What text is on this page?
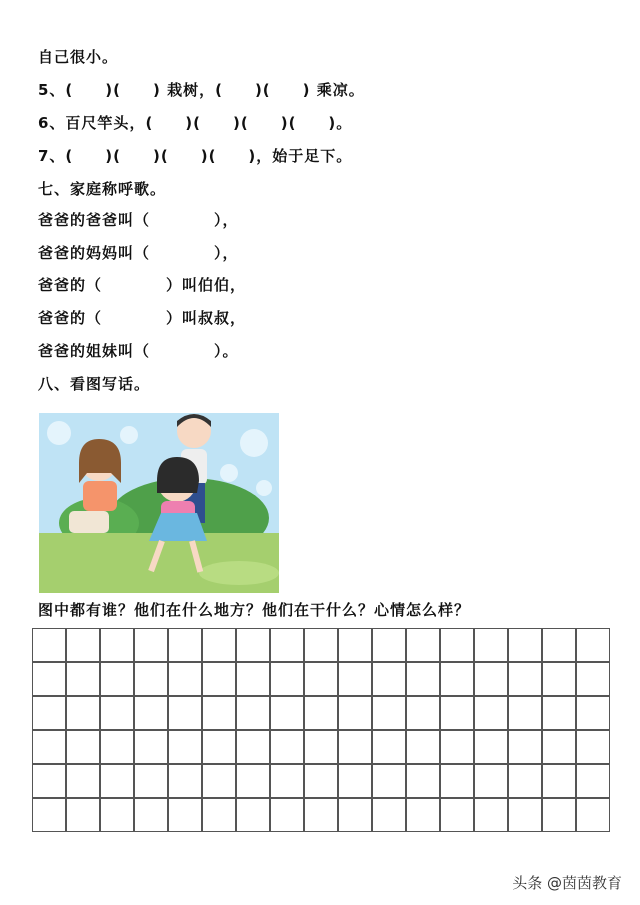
自己很小。
5、(　　)(　　) 栽树，(　　)(　　) 乘凉。
6、百尺竿头，(　　)(　　)(　　)(　　)。
7、(　　)(　　)(　　)(　　)，始于足下。
七、家庭称呼歌。
爸爸的爸爸叫（　　　　），
爸爸的妈妈叫（　　　　），
爸爸的（　　　　）叫伯伯，
爸爸的（　　　　）叫叔叔，
爸爸的姐妹叫（　　　　）。
八、看图写话。
图中都有谁？他们在什么地方？他们在干什么？心情怎么样？
头条 @茵茵教育
